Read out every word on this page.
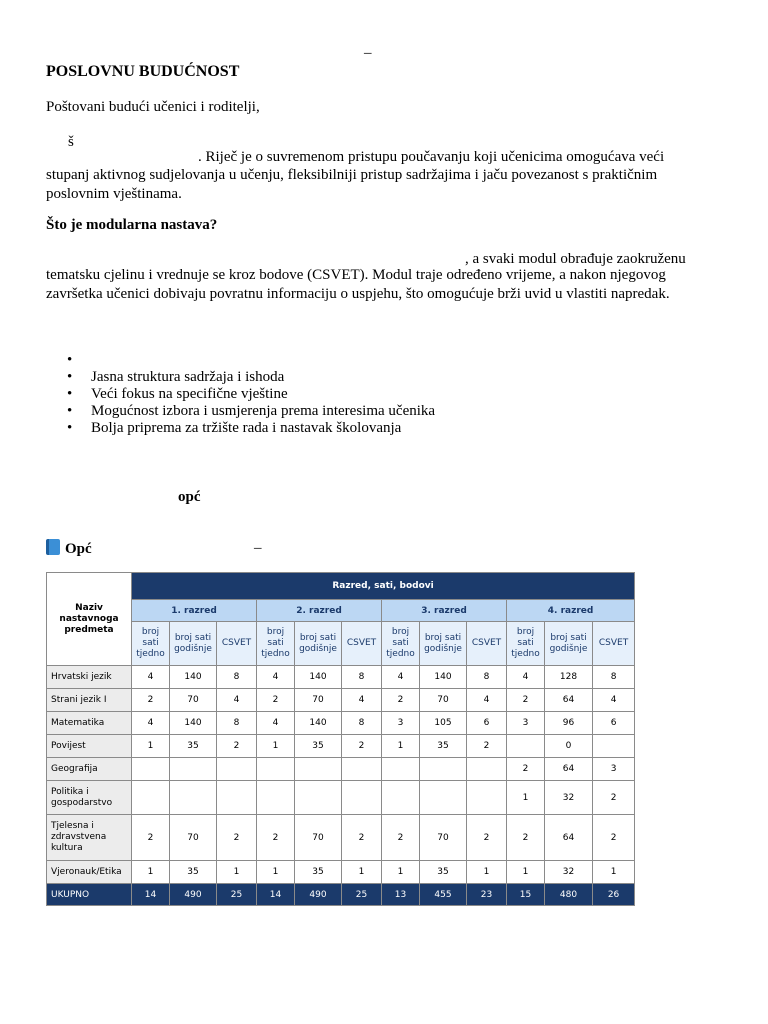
–
POSLOVNU BUDUĆNOST
Poštovani budući učenici i roditelji,
š
. Riječ je o suvremenom pristupu poučavanju koji učenicima omogućava veći
stupanj aktivnog sudjelovanja u učenju, fleksibilniji pristup sadržajima i jaču povezanost s praktičnim poslovnim vještinama.
Što je modularna nastava?
, a svaki modul obrađuje zaokruženu
tematsku cjelinu i vrednuje se kroz bodove (CSVET). Modul traje određeno vrijeme, a nakon njegovog završetka učenici dobivaju povratnu informaciju o uspjehu, što omogućuje brži uvid u vlastiti napredak.
•
• Jasna struktura sadržaja i ishoda
• Veći fokus na specifične vještine
• Mogućnost izbora i usmjerenja prema interesima učenika
• Bolja priprema za tržište rada i nastavak školovanja
opć
Opć	–
Naziv nastavnoga predmeta	Razred, sati, bodovi											
	1. razred			2. razred			3. razred			4. razred		
	broj sati tjedno	broj sati godišnje	CSVET	broj sati tjedno	broj sati godišnje	CSVET	broj sati tjedno	broj sati godišnje	CSVET	broj sati tjedno	broj sati godišnje	CSVET
Hrvatski jezik	4	140	8	4	140	8	4	140	8	4	128	8
Strani jezik I	2	70	4	2	70	4	2	70	4	2	64	4
Matematika	4	140	8	4	140	8	3	105	6	3	96	6
Povijest	1	35	2	1	35	2	1	35	2		0	
Geografija										2	64	3
Politika i gospodarstvo										1	32	2
Tjelesna i zdravstvena kultura	2	70	2	2	70	2	2	70	2	2	64	2
Vjeronauk/Etika	1	35	1	1	35	1	1	35	1	1	32	1
UKUPNO	14	490	25	14	490	25	13	455	23	15	480	26
